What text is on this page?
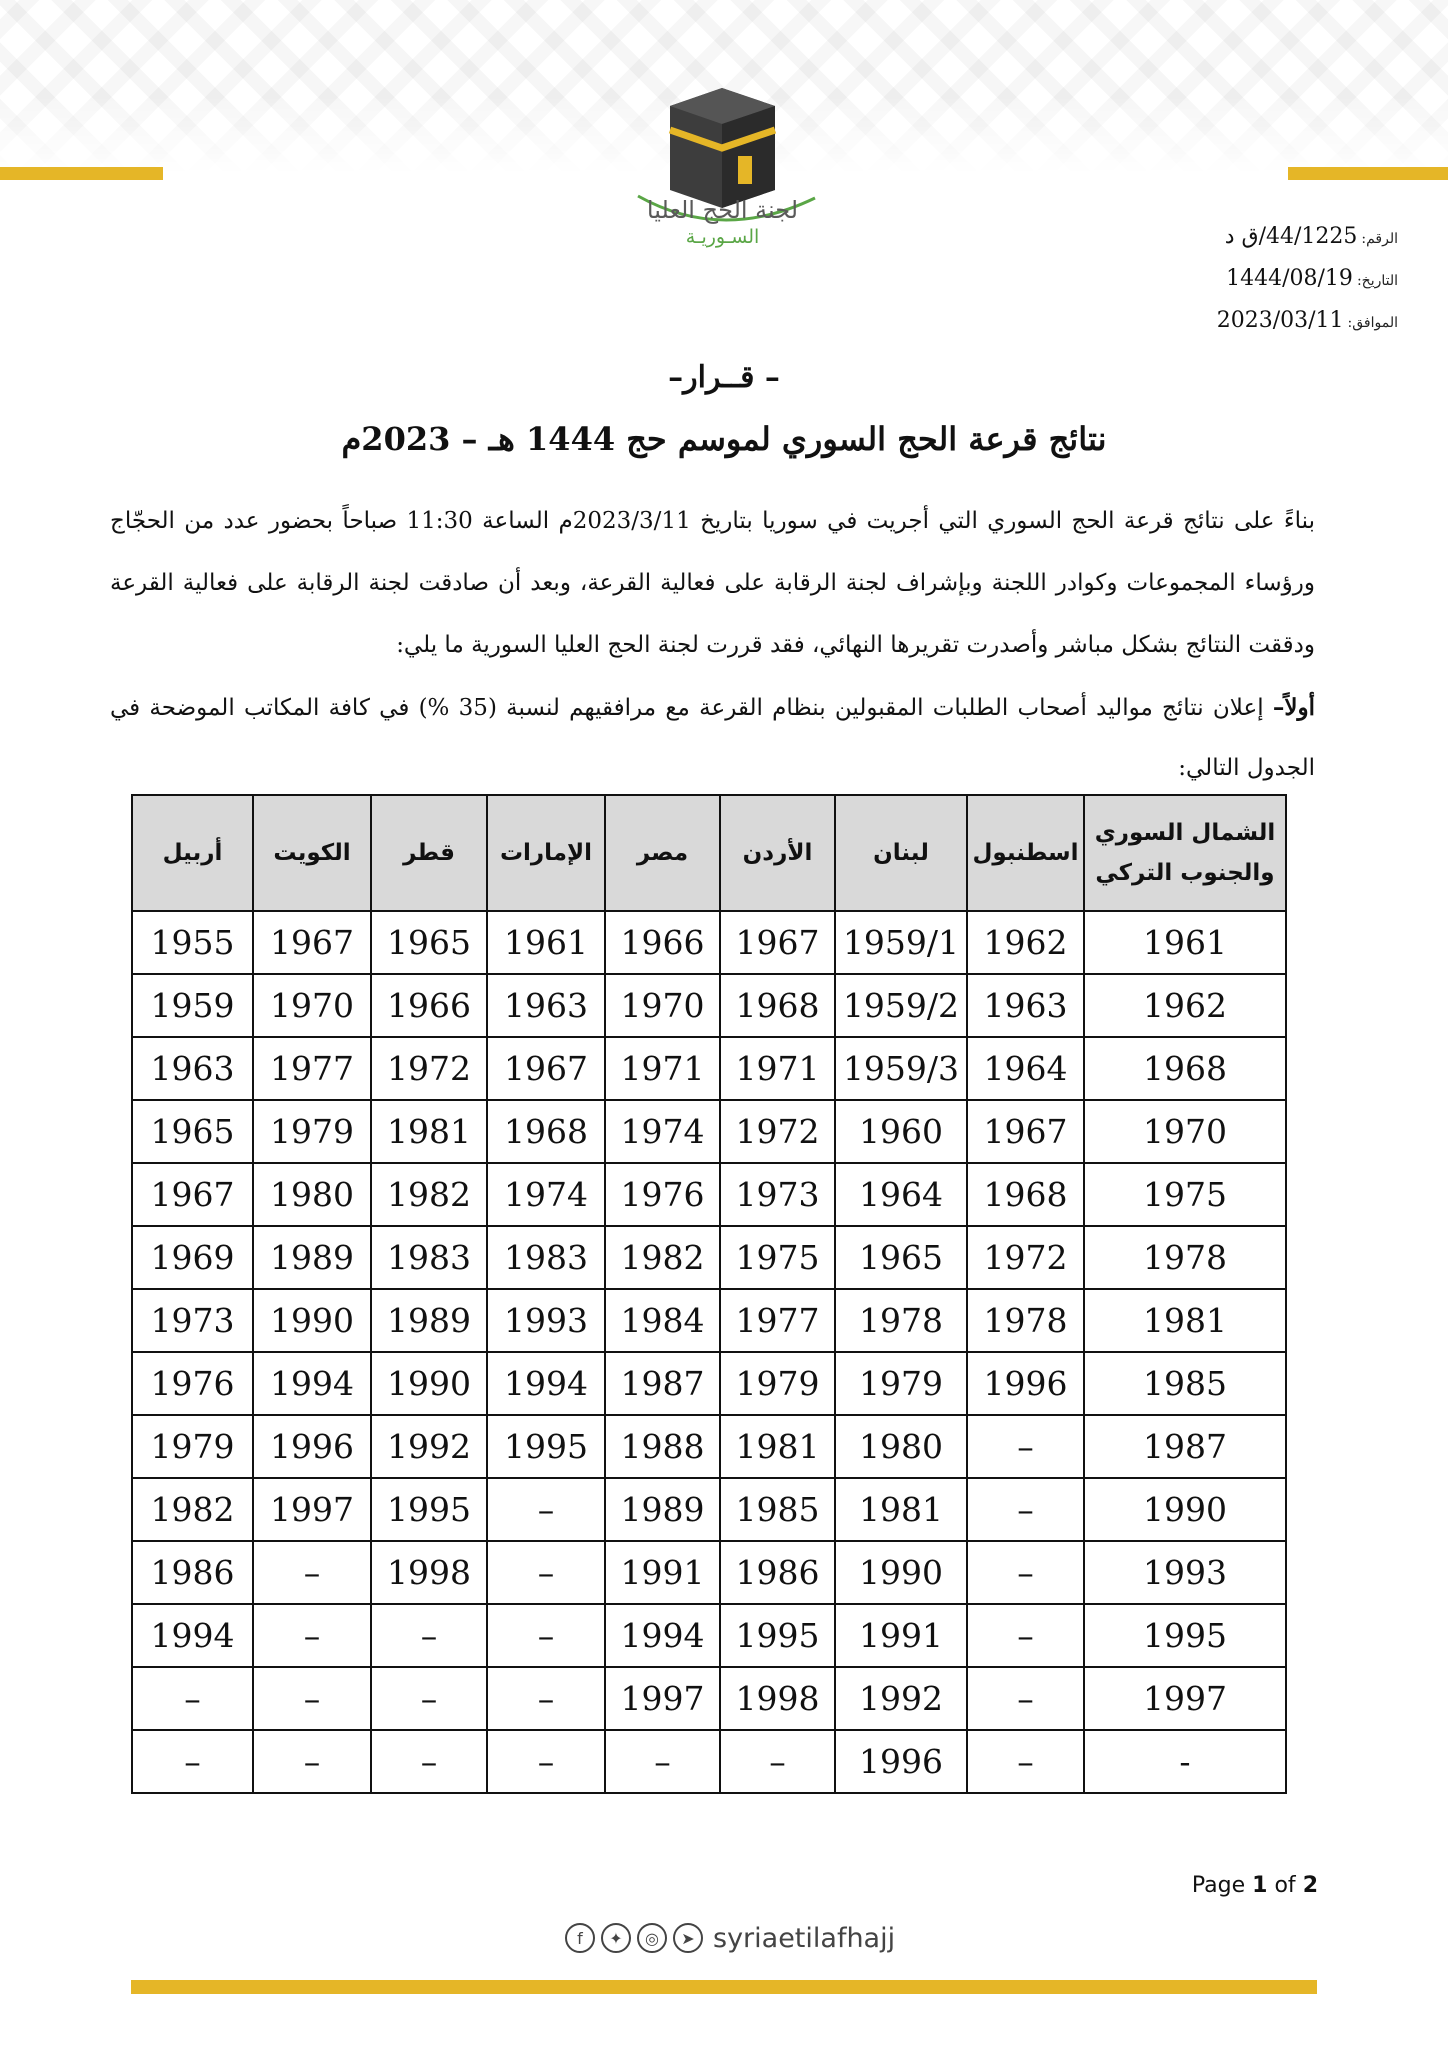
لجنة الحج العليا
السـوريـة	الرقم:44/1225/ق د
التاريخ:1444/08/19
الموافق:2023/03/11
– قــرار–
نتائج قرعة الحج السوري لموسم حج 1444 هـ – 2023م
بناءً على نتائج قرعة الحج السوري التي أجريت في سوريا بتاريخ 2023/3/11م الساعة 11:30 صباحاً بحضور عدد من الحجّاج ورؤساء المجموعات وكوادر اللجنة وبإشراف لجنة الرقابة على فعالية القرعة، وبعد أن صادقت لجنة الرقابة على فعالية القرعة ودققت النتائج بشكل مباشر وأصدرت تقريرها النهائي، فقد قررت لجنة الحج العليا السورية ما يلي:
أولاً– إعلان نتائج مواليد أصحاب الطلبات المقبولين بنظام القرعة مع مرافقيهم لنسبة (35 %) في كافة المكاتب الموضحة في الجدول التالي:
الشمال السوري والجنوب التركي	اسطنبول	لبنان	الأردن	مصر	الإمارات	قطر	الكويت	أربيل
1961	1962	1959/1	1967	1966	1961	1965	1967	1955
1962	1963	1959/2	1968	1970	1963	1966	1970	1959
1968	1964	1959/3	1971	1971	1967	1972	1977	1963
1970	1967	1960	1972	1974	1968	1981	1979	1965
1975	1968	1964	1973	1976	1974	1982	1980	1967
1978	1972	1965	1975	1982	1983	1983	1989	1969
1981	1978	1978	1977	1984	1993	1989	1990	1973
1985	1996	1979	1979	1987	1994	1990	1994	1976
1987	–	1980	1981	1988	1995	1992	1996	1979
1990	–	1981	1985	1989	–	1995	1997	1982
1993	–	1990	1986	1991	–	1998	–	1986
1995	–	1991	1995	1994	–	–	–	1994
1997	–	1992	1998	1997	–	–	–	–
-	–	1996	–	–	–	–	–	–
Page 1 of 2
f	✦	◎	➤ syriaetilafhajj
